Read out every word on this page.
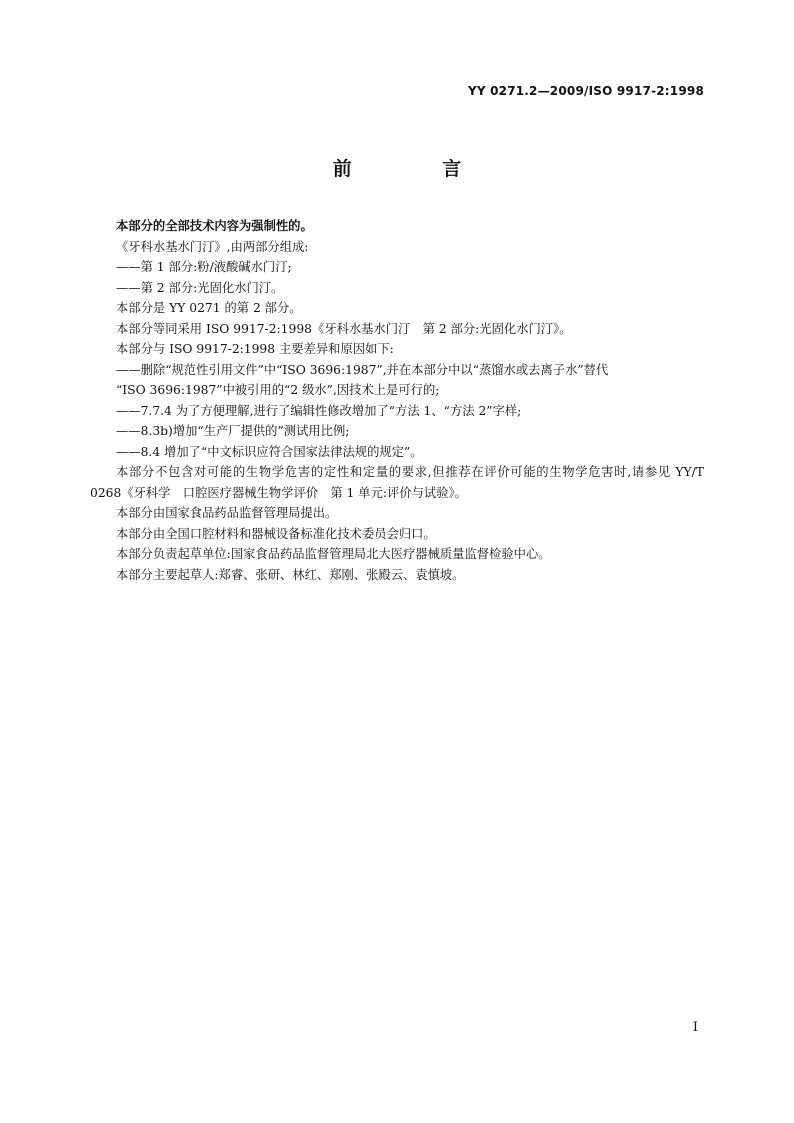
YY 0271.2—2009/ISO 9917-2:1998
前 言

本部分的全部技术内容为强制性的。

《牙科水基水门汀》,由两部分组成:

——第 1 部分:粉/液酸碱水门汀;

——第 2 部分:光固化水门汀。

本部分是 YY 0271 的第 2 部分。

本部分等同采用 ISO 9917-2:1998《牙科水基水门汀　第 2 部分:光固化水门汀》。

本部分与 ISO 9917-2:1998 主要差异和原因如下:

——删除“规范性引用文件”中“ISO 3696:1987”,并在本部分中以“蒸馏水或去离子水”替代

“ISO 3696:1987”中被引用的“2 级水”,因技术上是可行的;

——7.7.4 为了方便理解,进行了编辑性修改增加了“方法 1、“方法 2”字样;

——8.3b)增加“生产厂提供的”测试用比例;

——8.4 增加了“中文标识应符合国家法律法规的规定”。

本部分不包含对可能的生物学危害的定性和定量的要求,但推荐在评价可能的生物学危害时,请参见 YY/T 0268《牙科学　口腔医疗器械生物学评价　第 1 单元:评价与试验》。

本部分由国家食品药品监督管理局提出。

本部分由全国口腔材料和器械设备标准化技术委员会归口。

本部分负责起草单位:国家食品药品监督管理局北大医疗器械质量监督检验中心。

本部分主要起草人:郑睿、张研、林红、郑刚、张殿云、袁慎坡。

I
